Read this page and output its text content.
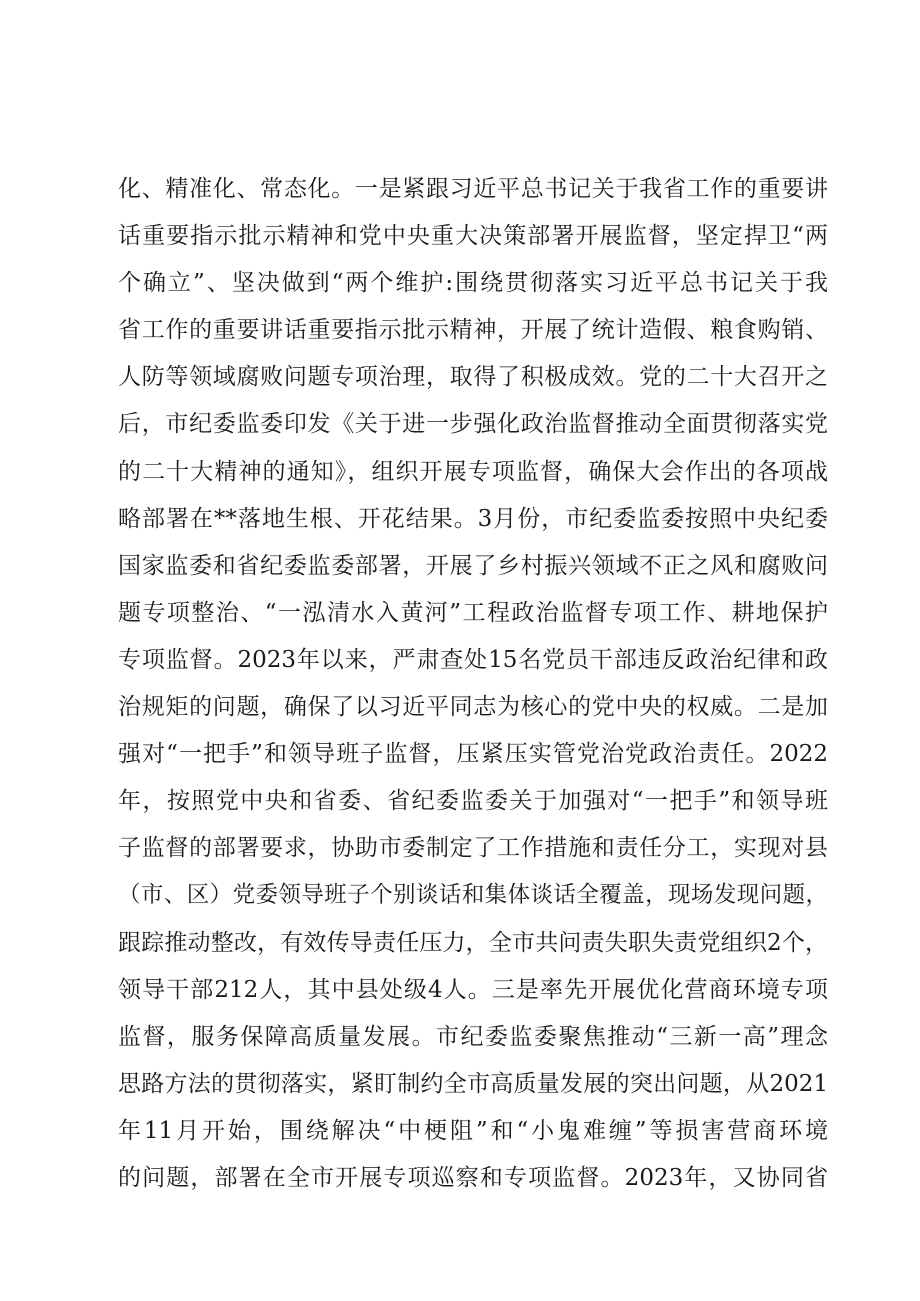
化、精准化、常态化。一是紧跟习近平总书记关于我省工作的重要讲
话重要指示批示精神和党中央重大决策部署开展监督，坚定捍卫“两
个确立”、坚决做到“两个维护:围绕贯彻落实习近平总书记关于我
省工作的重要讲话重要指示批示精神，开展了统计造假、粮食购销、
人防等领域腐败问题专项治理，取得了积极成效。党的二十大召开之
后，市纪委监委印发《关于进一步强化政治监督推动全面贯彻落实党
的二十大精神的通知》，组织开展专项监督，确保大会作出的各项战
略部署在**落地生根、开花结果。3月份，市纪委监委按照中央纪委
国家监委和省纪委监委部署，开展了乡村振兴领域不正之风和腐败问
题专项整治、“一泓清水入黄河”工程政治监督专项工作、耕地保护
专项监督。2023年以来，严肃查处15名党员干部违反政治纪律和政
治规矩的问题，确保了以习近平同志为核心的党中央的权威。二是加
强对“一把手”和领导班子监督，压紧压实管党治党政治责任。2022
年，按照党中央和省委、省纪委监委关于加强对“一把手”和领导班
子监督的部署要求，协助市委制定了工作措施和责任分工，实现对县
（市、区）党委领导班子个别谈话和集体谈话全覆盖，现场发现问题，
跟踪推动整改，有效传导责任压力，全市共问责失职失责党组织2个，
领导干部212人，其中县处级4人。三是率先开展优化营商环境专项
监督，服务保障高质量发展。市纪委监委聚焦推动“三新一高”理念
思路方法的贯彻落实，紧盯制约全市高质量发展的突出问题，从2021
年11月开始，围绕解决“中梗阻”和“小鬼难缠”等损害营商环境
的问题，部署在全市开展专项巡察和专项监督。2023年，又协同省
